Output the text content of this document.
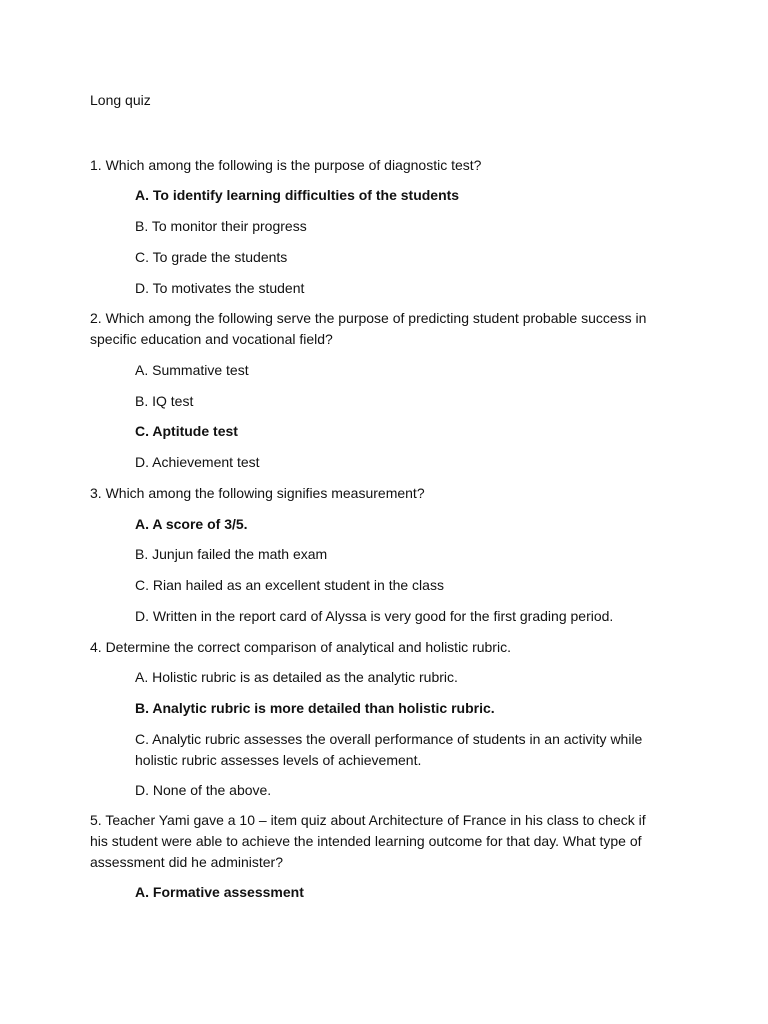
Long quiz
1. Which among the following is the purpose of diagnostic test?
A. To identify learning difficulties of the students
B. To monitor their progress
C. To grade the students
D. To motivates the student
2. Which among the following serve the purpose of predicting student probable success in specific education and vocational field?
A. Summative test
B. IQ test
C. Aptitude test
D. Achievement test
3. Which among the following signifies measurement?
A. A score of 3/5.
B. Junjun failed the math exam
C. Rian hailed as an excellent student in the class
D. Written in the report card of Alyssa is very good for the first grading period.
4. Determine the correct comparison of analytical and holistic rubric.
A. Holistic rubric is as detailed as the analytic rubric.
B. Analytic rubric is more detailed than holistic rubric.
C. Analytic rubric assesses the overall performance of students in an activity while holistic rubric assesses levels of achievement.
D. None of the above.
5. Teacher Yami gave a 10 – item quiz about Architecture of France in his class to check if his student were able to achieve the intended learning outcome for that day. What type of assessment did he administer?
A. Formative assessment
